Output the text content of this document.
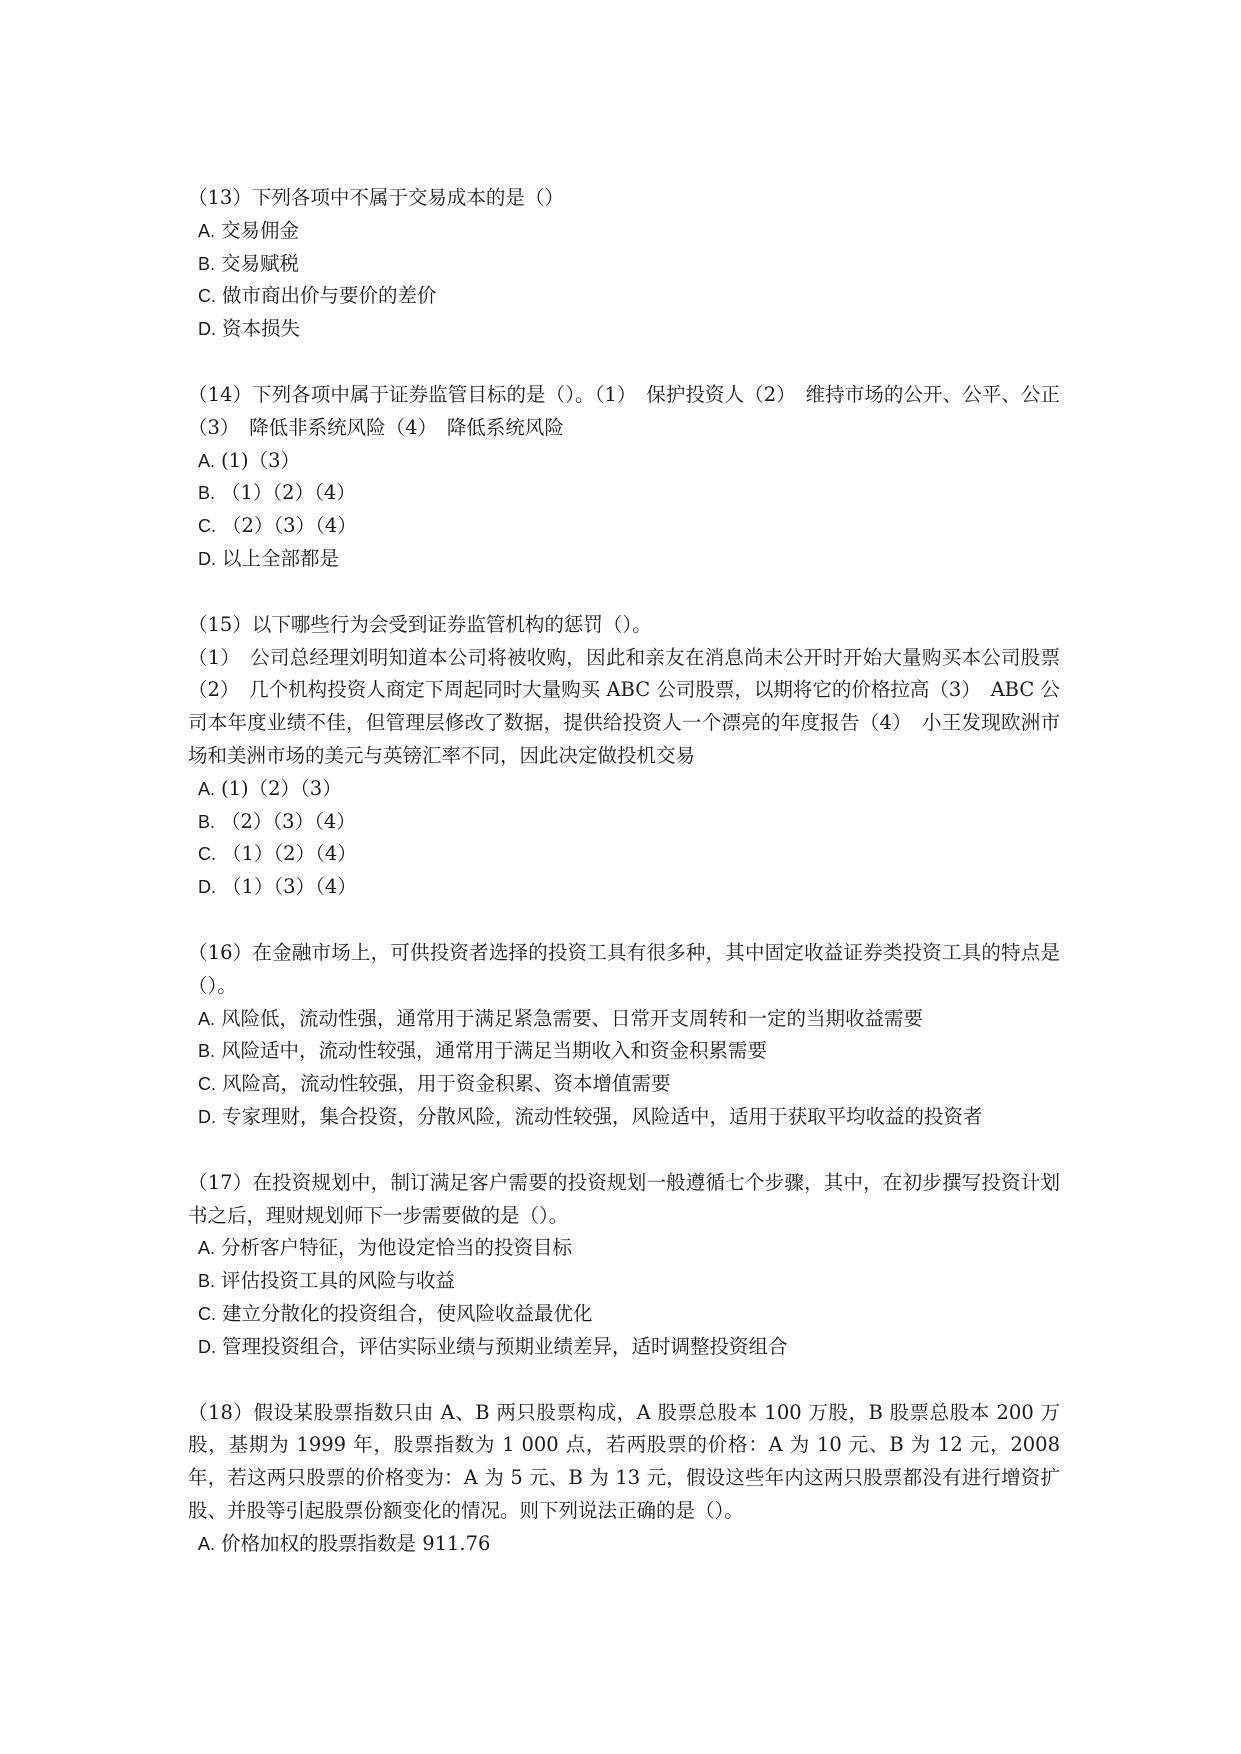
（13）下列各项中不属于交易成本的是（）

A. 交易佣金

B. 交易赋税

C. 做市商出价与要价的差价

D. 资本损失

（14）下列各项中属于证券监管目标的是（）。（1）　保护投资人（2）　维持市场的公开、公平、公正（3）　降低非系统风险（4）　降低系统风险

A. (1)（3）

B. （1）（2）（4）

C. （2）（3）（4）

D. 以上全部都是

（15）以下哪些行为会受到证券监管机构的惩罚（）。

（1）　公司总经理刘明知道本公司将被收购，因此和亲友在消息尚未公开时开始大量购买本公司股票（2）　几个机构投资人商定下周起同时大量购买 ABC 公司股票，以期将它的价格拉高（3）　ABC 公司本年度业绩不佳，但管理层修改了数据，提供给投资人一个漂亮的年度报告（4）　小王发现欧洲市场和美洲市场的美元与英镑汇率不同，因此决定做投机交易

A. (1)（2）（3）

B. （2）（3）（4）

C. （1）（2）（4）

D. （1）（3）（4）

（16）在金融市场上，可供投资者选择的投资工具有很多种，其中固定收益证券类投资工具的特点是（）。

A. 风险低，流动性强，通常用于满足紧急需要、日常开支周转和一定的当期收益需要

B. 风险适中，流动性较强，通常用于满足当期收入和资金积累需要

C. 风险高，流动性较强，用于资金积累、资本增值需要

D. 专家理财，集合投资，分散风险，流动性较强，风险适中，适用于获取平均收益的投资者

（17）在投资规划中，制订满足客户需要的投资规划一般遵循七个步骤，其中，在初步撰写投资计划书之后，理财规划师下一步需要做的是（）。

A. 分析客户特征，为他设定恰当的投资目标

B. 评估投资工具的风险与收益

C. 建立分散化的投资组合，使风险收益最优化

D. 管理投资组合，评估实际业绩与预期业绩差异，适时调整投资组合

（18）假设某股票指数只由 A、B 两只股票构成，A 股票总股本 100 万股，B 股票总股本 200 万股，基期为 1999 年，股票指数为 1 000 点，若两股票的价格：A 为 10 元、B 为 12 元，2008 年，若这两只股票的价格变为：A 为 5 元、B 为 13 元，假设这些年内这两只股票都没有进行增资扩股、并股等引起股票份额变化的情况。则下列说法正确的是（）。

A. 价格加权的股票指数是 911.76
